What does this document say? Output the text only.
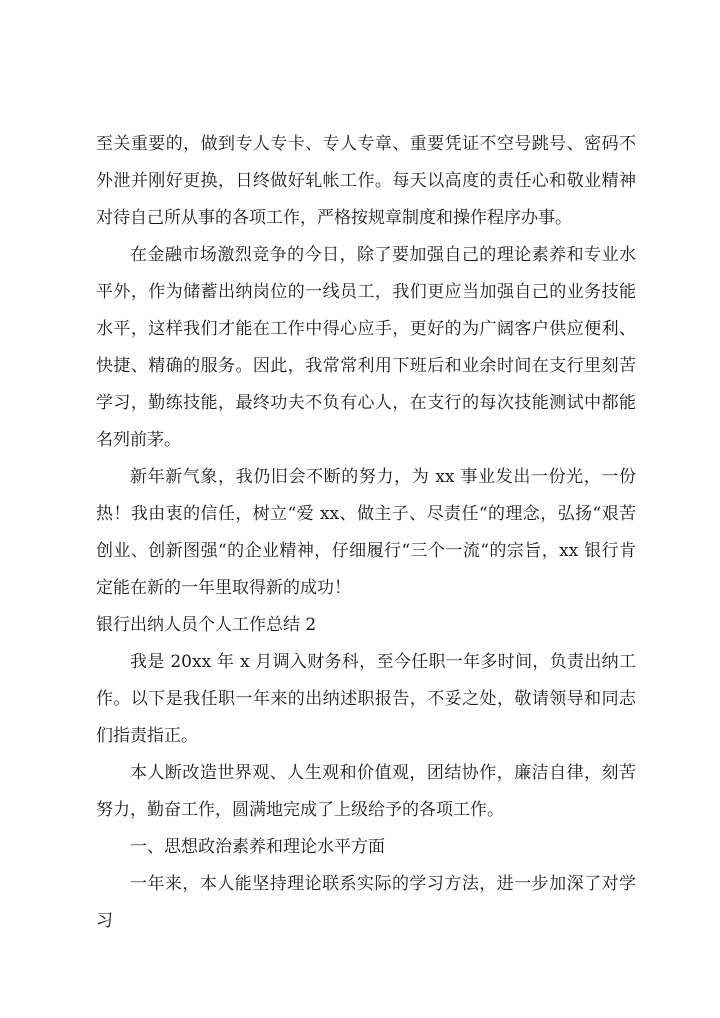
至关重要的，做到专人专卡、专人专章、重要凭证不空号跳号、密码不外泄并刚好更换，日终做好轧帐工作。每天以高度的责任心和敬业精神对待自己所从事的各项工作，严格按规章制度和操作程序办事。

在金融市场激烈竞争的今日，除了要加强自己的理论素养和专业水平外，作为储蓄出纳岗位的一线员工，我们更应当加强自己的业务技能水平，这样我们才能在工作中得心应手，更好的为广阔客户供应便利、快捷、精确的服务。因此，我常常利用下班后和业余时间在支行里刻苦学习，勤练技能，最终功夫不负有心人，在支行的每次技能测试中都能名列前茅。

新年新气象，我仍旧会不断的努力，为 xx 事业发出一份光，一份热！我由衷的信任，树立“爱 xx、做主子、尽责任“的理念，弘扬“艰苦创业、创新图强“的企业精神，仔细履行“三个一流“的宗旨，xx 银行肯定能在新的一年里取得新的成功！

银行出纳人员个人工作总结 2

我是 20xx 年 x 月调入财务科，至今任职一年多时间，负责出纳工作。以下是我任职一年来的出纳述职报告，不妥之处，敬请领导和同志们指责指正。

本人断改造世界观、人生观和价值观，团结协作，廉洁自律，刻苦努力，勤奋工作，圆满地完成了上级给予的各项工作。

一、思想政治素养和理论水平方面

一年来，本人能坚持理论联系实际的学习方法，进一步加深了对学习
